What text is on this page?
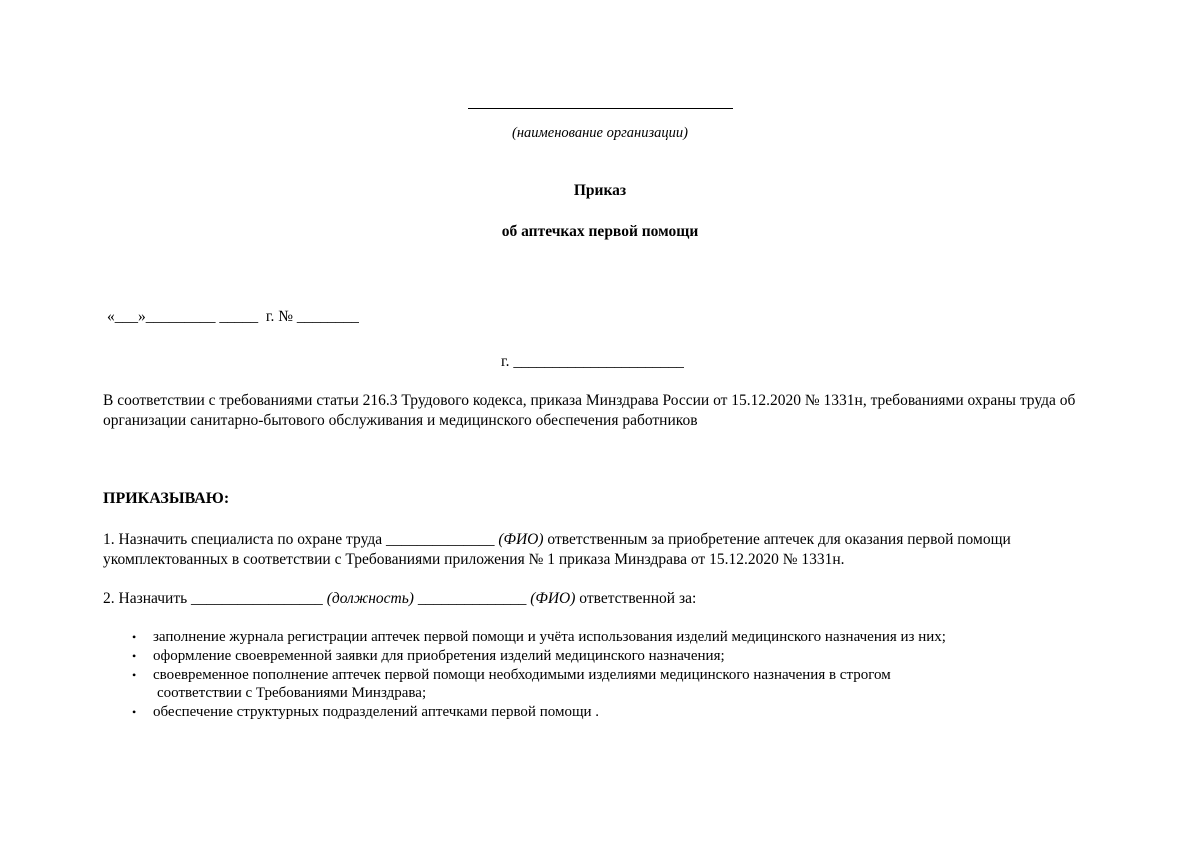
(наименование организации)
Приказ
об аптечках первой помощи
«___»_________ _____  г. № ________
г. ______________________
В соответствии с требованиями статьи 216.3 Трудового кодекса, приказа Минздрава России от 15.12.2020 № 1331н, требованиями охраны труда об организации санитарно-бытового обслуживания и медицинского обеспечения работников
ПРИКАЗЫВАЮ:
1. Назначить специалиста по охране труда ______________ (ФИО) ответственным за приобретение аптечек для оказания первой помощи укомплектованных в соответствии с Требованиями приложения № 1 приказа Минздрава от 15.12.2020 № 1331н.
2. Назначить _________________ (должность) ______________ (ФИО) ответственной за:
• заполнение журнала регистрации аптечек первой помощи и учёта использования изделий медицинского назначения из них;
• оформление своевременной заявки для приобретения изделий медицинского назначения;
• своевременное пополнение аптечек первой помощи необходимыми изделиями медицинского назначения в строгом
соответствии с Требованиями Минздрава;
• обеспечение структурных подразделений аптечками первой помощи .
